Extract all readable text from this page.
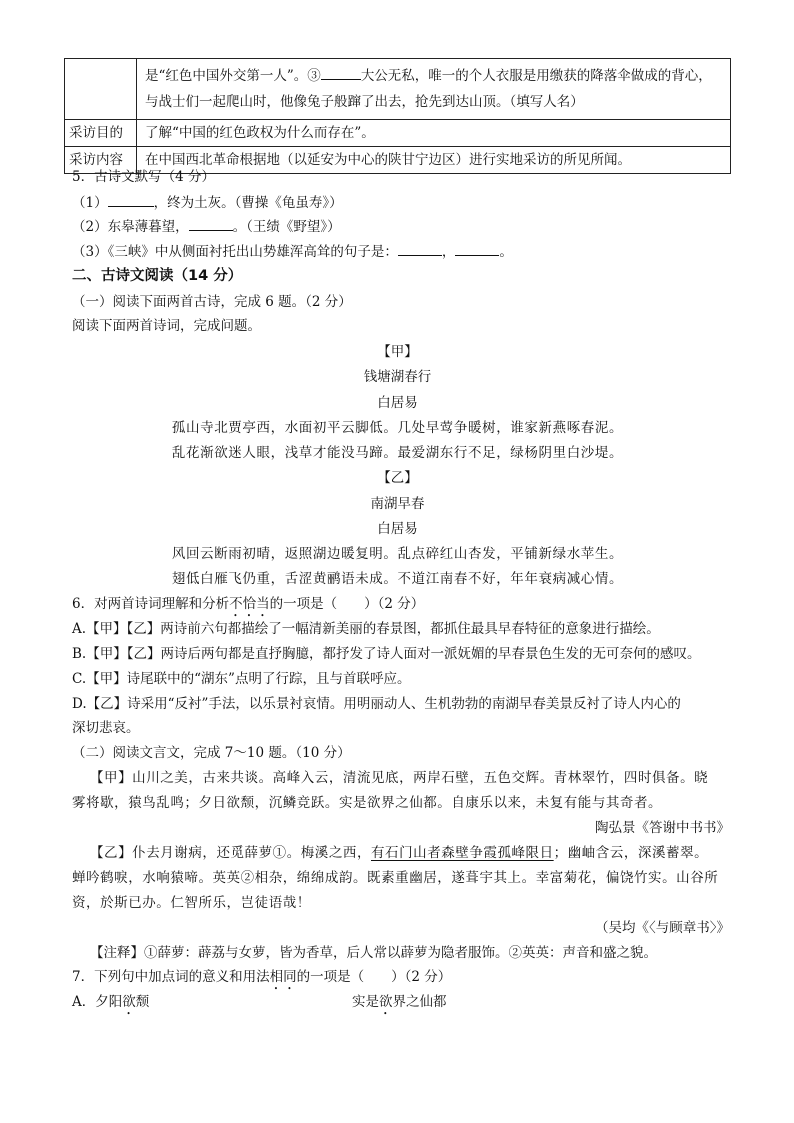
	是“红色中国外交第一人”。③ 大公无私，唯一的个人衣服是用缴获的降落伞做成的背心，
与战士们一起爬山时，他像兔子般蹿了出去，抢先到达山顶。（填写人名）

采访目的	了解“中国的红色政权为什么而存在”。
采访内容	在中国西北革命根据地（以延安为中心的陕甘宁边区）进行实地采访的所见所闻。
5．古诗文默写（4 分）
（1）	，终为土灰。（曹操《龟虽寿》）
（2）东皋薄暮望，	。（王绩《野望》）
（3）《三峡》中从侧面衬托出山势雄浑高耸的句子是：	，	。
二、古诗文阅读（14 分）
（一）阅读下面两首古诗，完成 6 题。（2 分）
阅读下面两首诗词，完成问题。
【甲】
钱塘湖春行
白居易
孤山寺北贾亭西，水面初平云脚低。几处早莺争暖树，谁家新燕啄春泥。
乱花渐欲迷人眼，浅草才能没马蹄。最爱湖东行不足，绿杨阴里白沙堤。
【乙】
南湖早春
白居易
风回云断雨初晴，返照湖边暖复明。乱点碎红山杏发，平铺新绿水苹生。
翅低白雁飞仍重，舌涩黄鹂语未成。不道江南春不好，年年衰病减心情。
6．对两首诗词理解和分析不恰当的一项是（　　）（2 分）
A.【甲】【乙】两诗前六句都描绘了一幅清新美丽的春景图，都抓住最具早春特征的意象进行描绘。
B.【甲】【乙】两诗后两句都是直抒胸臆，都抒发了诗人面对一派妩媚的早春景色生发的无可奈何的感叹。
C.【甲】诗尾联中的“湖东”点明了行踪，且与首联呼应。
D.【乙】诗采用“反衬”手法，以乐景衬哀情。用明丽动人、生机勃勃的南湖早春美景反衬了诗人内心的
深切悲哀。
（二）阅读文言文，完成 7～10 题。（10 分）
【甲】山川之美，古来共谈。高峰入云，清流见底，两岸石壁，五色交辉。青林翠竹，四时俱备。晓
雾将歇，猿鸟乱鸣；夕日欲颓，沉鳞竞跃。实是欲界之仙都。自康乐以来，未复有能与其奇者。
陶弘景《答谢中书书》
【乙】仆去月谢病，还觅薛萝①。梅溪之西，有石门山者森壁争霞孤峰限日；幽岫含云，深溪蓄翠。
蝉吟鹤唳，水响猿啼。英英②相杂，绵绵成韵。既素重幽居，遂葺宇其上。幸富菊花，偏饶竹实。山谷所
资，於斯已办。仁智所乐，岂徒语哉！
（吴均《〈与顾章书〉》
【注释】①薛萝：薜荔与女萝，皆为香草，后人常以薜萝为隐者服饰。②英英：声音和盛之貌。
7．下列句中加点词的意义和用法相同的一项是（　　）（2 分）
A．夕阳欲颓	实是欲界之仙都
